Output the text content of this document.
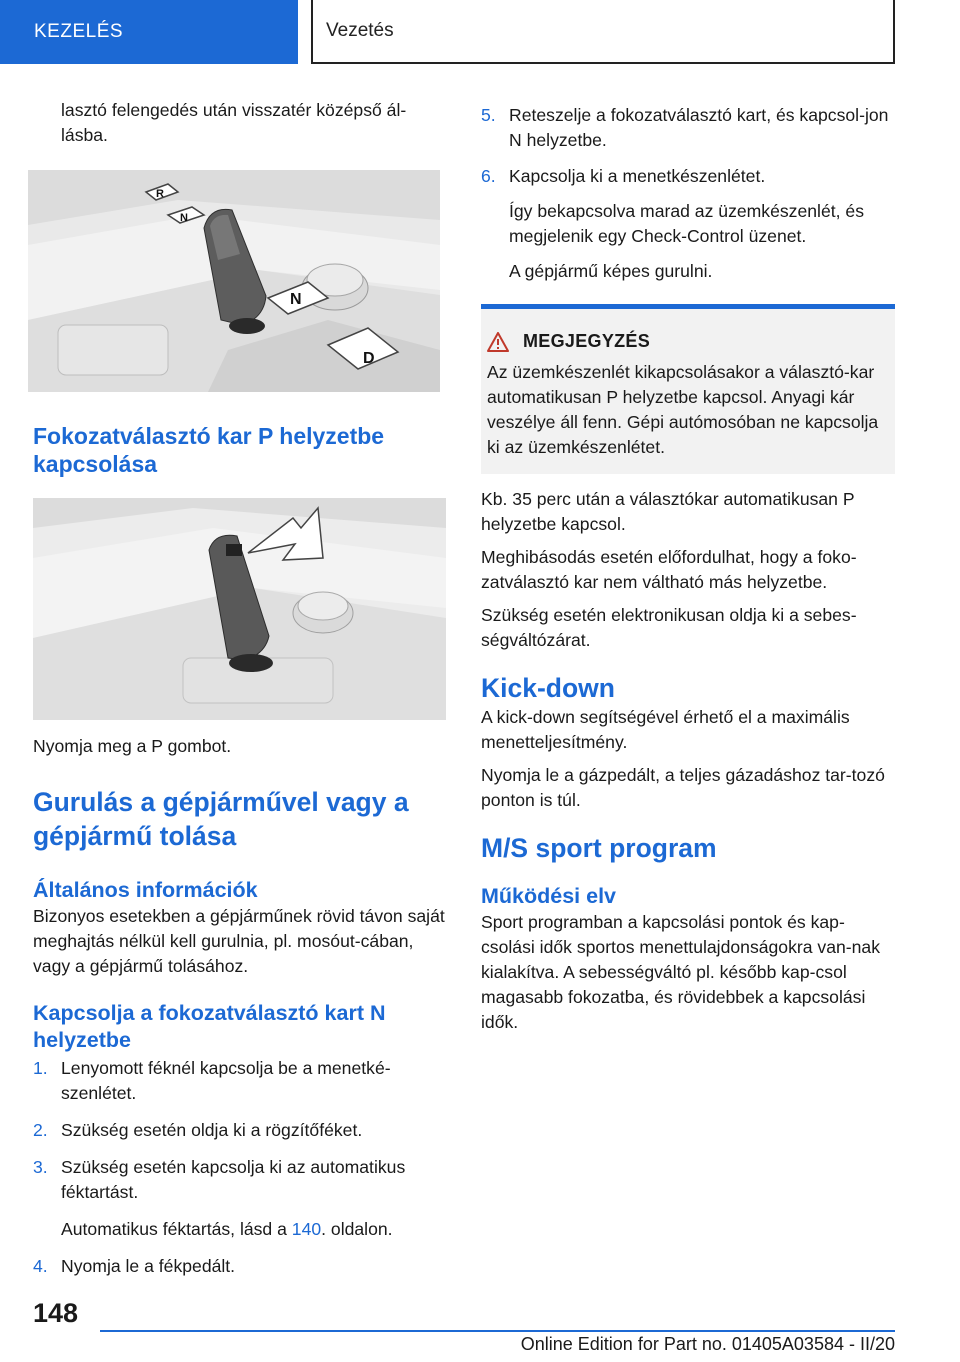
KEZELÉS	Vezetés

lasztó felengedés után visszatér középső ál-lásba.

R
N
D
N
Fokozatválasztó kar P helyzetbe kapcsolása

Nyomja meg a P gombot.

Gurulás a gépjárművel vagy a gépjármű tolása
Általános információk

Bizonyos esetekben a gépjárműnek rövid távon saját meghajtás nélkül kell gurulnia, pl. mosóut-cában, vagy a gépjármű tolásához.

Kapcsolja a fokozatválasztó kart N helyzetbe
1. Lenyomott féknél kapcsolja be a menetké-szenlétet.
2. Szükség esetén oldja ki a rögzítőféket.
3. Szükség esetén kapcsolja ki az automatikus féktartást.

Automatikus féktartás, lásd a 140. oldalon.

4. Nyomja le a fékpedált.
5. Reteszelje a fokozatválasztó kart, és kapcsol-jon N helyzetbe.
6. Kapcsolja ki a menetkészenlétet.

Így bekapcsolva marad az üzemkészenlét, és megjelenik egy Check-Control üzenet.

A gépjármű képes gurulni.

MEGJEGYZÉS

Az üzemkészenlét kikapcsolásakor a választó-kar automatikusan P helyzetbe kapcsol. Anyagi kár veszélye áll fenn. Gépi autómosóban ne kapcsolja ki az üzemkészenlétet.

Kb. 35 perc után a választókar automatikusan P helyzetbe kapcsol.

Meghibásodás esetén előfordulhat, hogy a foko-zatválasztó kar nem váltható más helyzetbe.

Szükség esetén elektronikusan oldja ki a sebes-ségváltózárat.

Kick-down

A kick-down segítségével érhető el a maximális menetteljesítmény.

Nyomja le a gázpedált, a teljes gázadáshoz tar-tozó ponton is túl.

M/S sport program
Működési elv

Sport programban a kapcsolási pontok és kap-csolási idők sportos menettulajdonságokra van-nak kialakítva. A sebességváltó pl. később kap-csol magasabb fokozatba, és rövidebbek a kapcsolási idők.

148
Online Edition for Part no. 01405A03584 - II/20
